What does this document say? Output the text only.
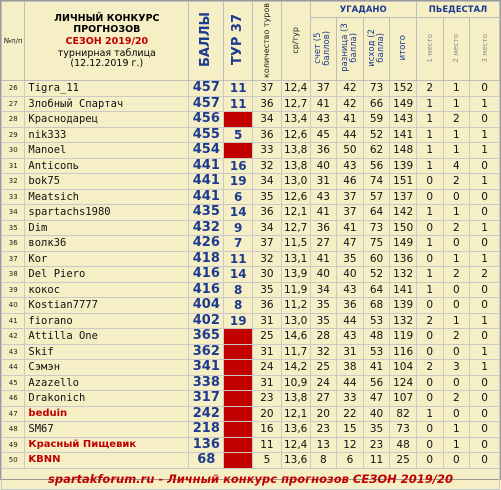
№п/п	ЛИЧНЫЙ КОНКУРС
ПРОГНОЗОВ
СЕЗОН 2019/20
турнирная таблица
(12.12.2019 г.)	БАЛЛЫ	ТУР 37	количество туров	ср/тур	УГАДАНО				ПЬЕДЕСТАЛ		
						счет (5 баллов)	разница (3 балла)	исход (2 балла)	итого	1 место	2 место	3 место
26	Tigra_11	457	11	37	12,4	37	42	73	152	2	1	0
27	Злобный Спартач	457	11	36	12,7	41	42	66	149	1	1	1
28	Краснодарец	456		34	13,4	43	41	59	143	1	2	0
29	nik333	455	5	36	12,6	45	44	52	141	1	1	1
30	Manoel	454		33	13,8	36	50	62	148	1	1	1
31	Anticопь	441	16	32	13,8	40	43	56	139	1	4	0
32	bok75	441	19	34	13,0	31	46	74	151	0	2	1
33	Meatsich	441	6	35	12,6	43	37	57	137	0	0	0
34	spartachs1980	435	14	36	12,1	41	37	64	142	1	1	0
35	Dim	432	9	34	12,7	36	41	73	150	0	2	1
36	волк36	426	7	37	11,5	27	47	75	149	1	0	0
37	Kor	418	11	32	13,1	41	35	60	136	0	1	1
38	Del Piero	416	14	30	13,9	40	40	52	132	1	2	2
39	кокос	416	8	35	11,9	34	43	64	141	1	0	0
40	Kostian7777	404	8	36	11,2	35	36	68	139	0	0	0
41	fiorano	402	19	31	13,0	35	44	53	132	2	1	1
42	Attilla One	365		25	14,6	28	43	48	119	0	2	0
43	Skif	362		31	11,7	32	31	53	116	0	0	1
44	Сэмэн	341		24	14,2	25	38	41	104	2	3	1
45	Azazello	338		31	10,9	24	44	56	124	0	0	0
46	Drakonich	317		23	13,8	27	33	47	107	0	2	0
47	beduin	242		20	12,1	20	22	40	82	1	0	0
48	SM67	218		16	13,6	23	15	35	73	0	1	0
49	Красный Пищевик	136		11	12,4	13	12	23	48	0	1	0
50	KBNN	68		5	13,6	8	6	11	25	0	0	0
spartakforum.ru - Личный конкурс прогнозов СЕЗОН 2019/20												
